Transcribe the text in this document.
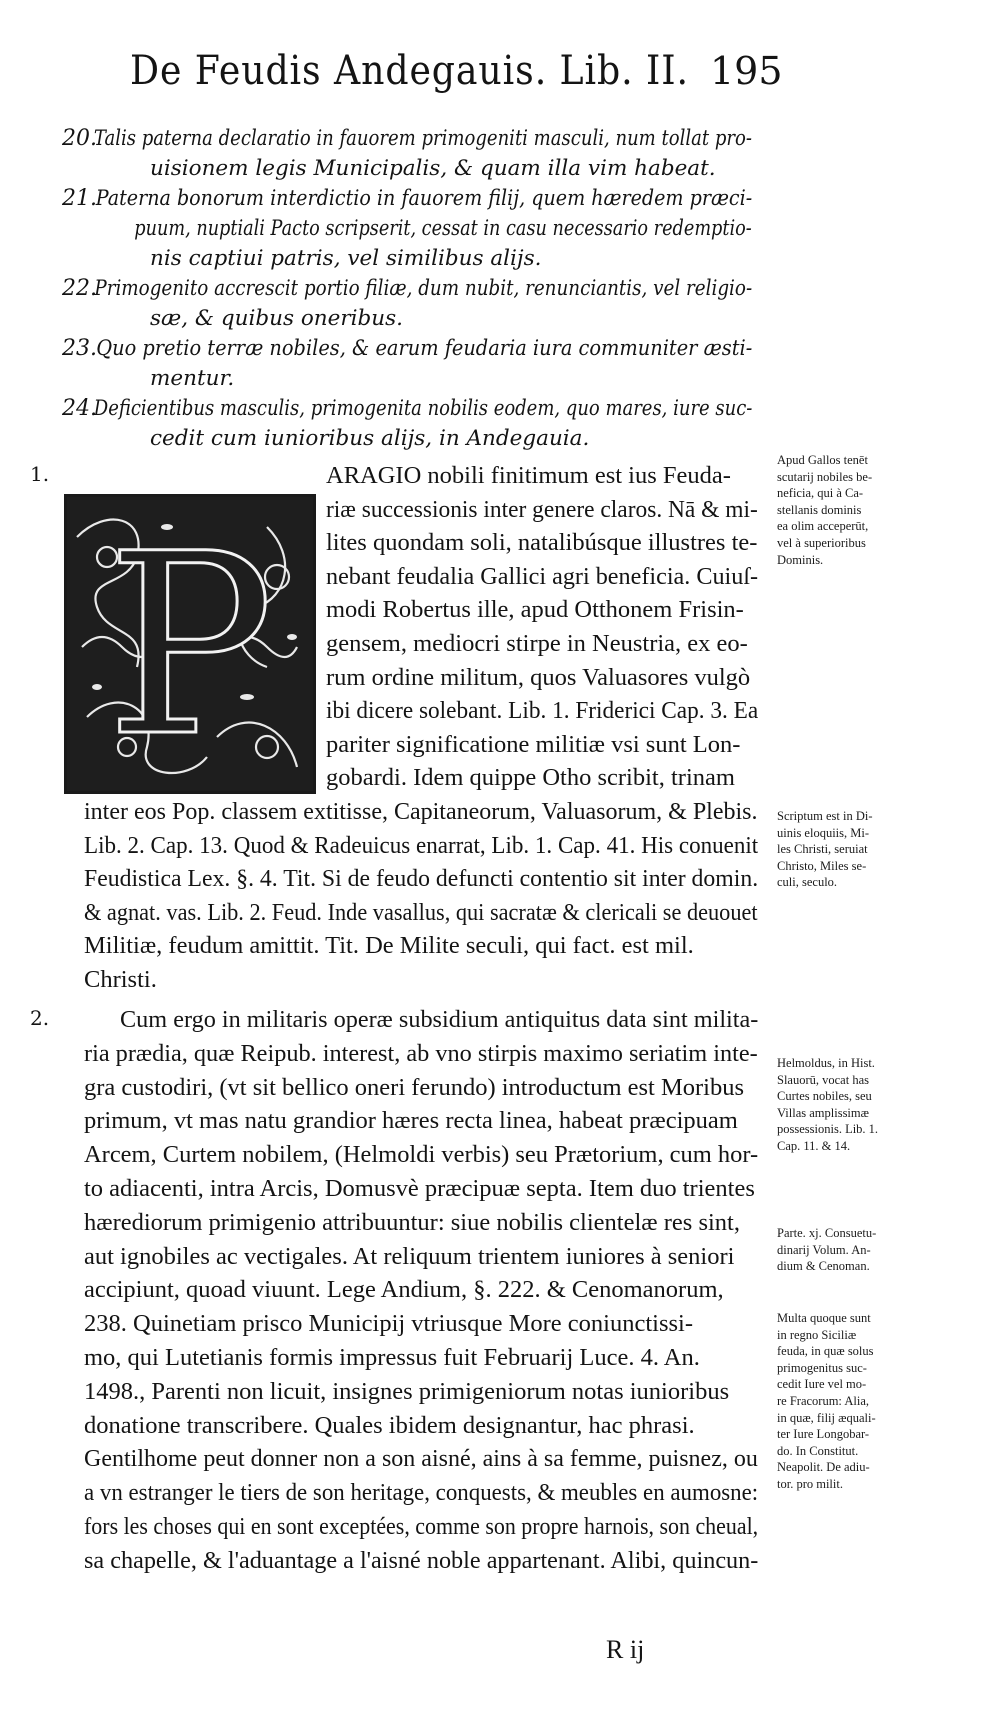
De Feudis Andegauis. Lib. II. 195
20.
Talis paterna declaratio in fauorem primogeniti masculi, num tollat pro-
uisionem legis Municipalis, & quam illa vim habeat.
21.
Paterna bonorum interdictio in fauorem filij, quem hæredem præci-
puum, nuptiali Pacto scripserit, cessat in casu necessario redemptio-
nis captiui patris, vel similibus alijs.
22.
Primogenito accrescit portio filiæ, dum nubit, renunciantis, vel religio-
sæ, & quibus oneribus.
23. Quo pretio terræ nobiles, & earum feudaria iura communiter æsti-
mentur.
24.
Deficientibus masculis, primogenita nobilis eodem, quo mares, iure suc-
cedit cum iunioribus alijs, in Andegauia.
1.
2.
P
ARAGIO nobili finitimum est ius Feuda-
riæ successionis inter genere claros. Nā & mi-
lites quondam soli, natalibúsque illustres te-
nebant feudalia Gallici agri beneficia. Cuiuſ-
modi Robertus ille, apud Otthonem Frisin-
gensem, mediocri stirpe in Neustria, ex eo-
rum ordine militum, quos Valuasores vulgò
ibi dicere solebant. Lib. 1. Friderici Cap. 3. Ea
pariter significatione militiæ vsi sunt Lon-
gobardi. Idem quippe Otho scribit, trinam
inter eos Pop. classem extitisse, Capitaneorum, Valuasorum, & Plebis.
Lib. 2. Cap. 13. Quod & Radeuicus enarrat, Lib. 1. Cap. 41. His conuenit
Feudistica Lex. §. 4. Tit. Si de feudo defuncti contentio sit inter domin.
& agnat. vas. Lib. 2. Feud. Inde vasallus, qui sacratæ & clericali se deuouet
Militiæ, feudum amittit. Tit. De Milite seculi, qui fact. est mil.
Christi.
Cum ergo in militaris operæ subsidium antiquitus data sint milita-
ria prædia, quæ Reipub. interest, ab vno stirpis maximo seriatim inte-
gra custodiri, (vt sit bellico oneri ferundo) introductum est Moribus
primum, vt mas natu grandior hæres recta linea, habeat præcipuam
Arcem, Curtem nobilem, (Helmoldi verbis) seu Prætorium, cum hor-
to adiacenti, intra Arcis, Domusvè præcipuæ septa. Item duo trientes
hærediorum primigenio attribuuntur: siue nobilis clientelæ res sint,
aut ignobiles ac vectigales. At reliquum trientem iuniores à seniori
accipiunt, quoad viuunt. Lege Andium, §. 222. & Cenomanorum,
238. Quinetiam prisco Municipij vtriusque More coniunctissi-
mo, qui Lutetianis formis impressus fuit Februarij Luce. 4. An.
1498., Parenti non licuit, insignes primigeniorum notas iunioribus
donatione transcribere. Quales ibidem designantur, hac phrasi.
Gentilhome peut donner non a son aisné, ains à sa femme, puisnez, ou
a vn estranger le tiers de son heritage, conquests, & meubles en aumosne:
fors les choses qui en sont exceptées, comme son propre harnois, son cheual,
sa chapelle, & l'aduantage a l'aisné noble appartenant. Alibi, quincun-
Apud Gallos tenēt
scutarij nobiles be-
neficia, qui à Ca-
stellanis dominis
ea olim acceperūt,
vel à superioribus
Dominis.
Scriptum est in Di-
uinis eloquiis, Mi-
les Christi, seruiat
Christo, Miles se-
culi, seculo.
Helmoldus, in Hist.
Slauorū, vocat has
Curtes nobiles, seu
Villas amplissimæ
possessionis. Lib. 1.
Cap. 11. & 14.
Parte. xj. Consuetu-
dinarij Volum. An-
dium & Cenoman.
Multa quoque sunt
in regno Siciliæ
feuda, in quæ solus
primogenitus suc-
cedit Iure vel mo-
re Fracorum: Alia,
in quæ, filij æquali-
ter Iure Longobar-
do. In Constitut.
Neapolit. De adiu-
tor. pro milit.
R ij
